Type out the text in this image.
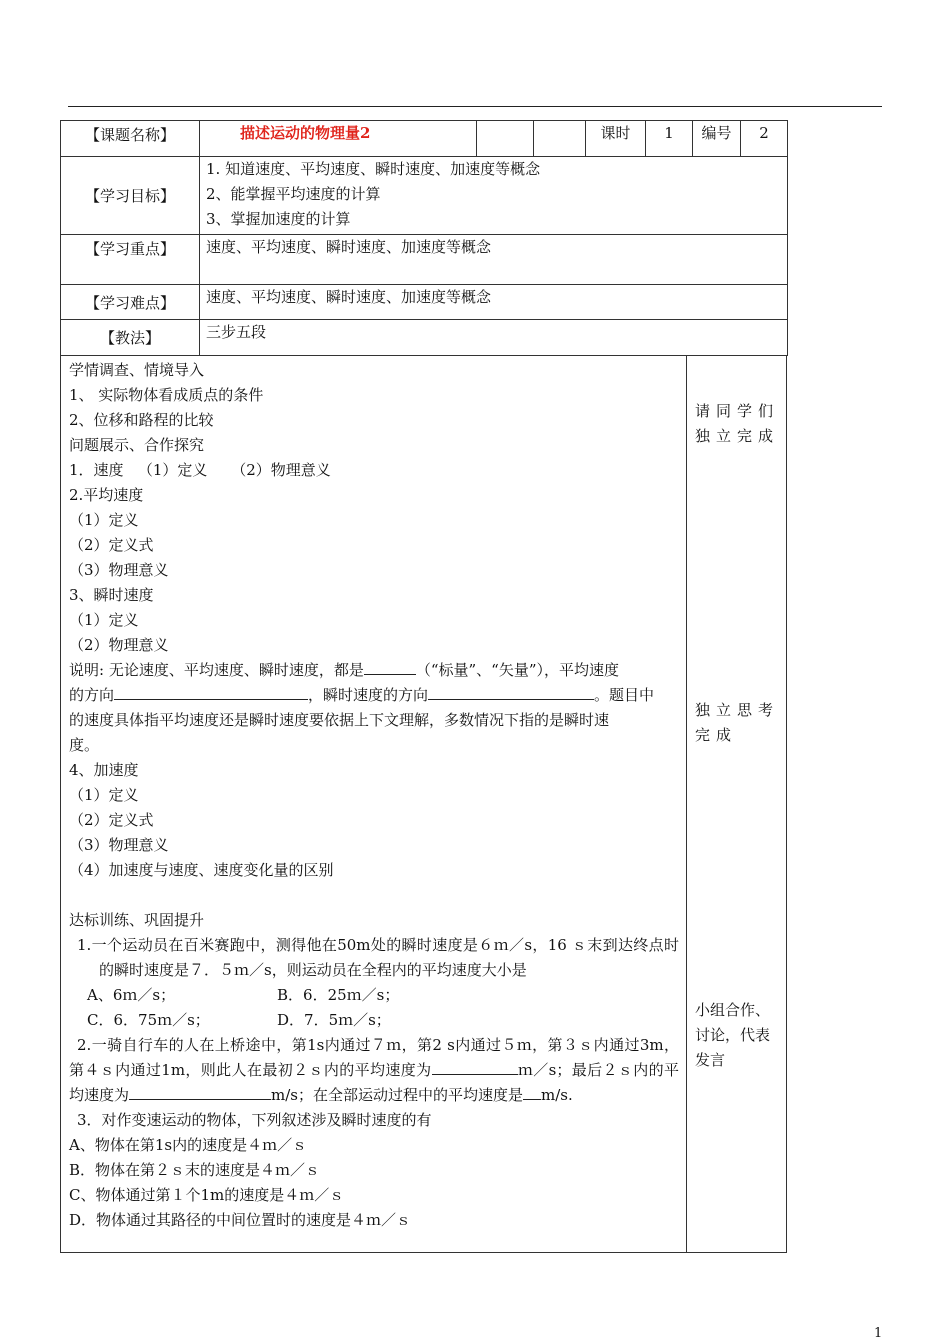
【课题名称】	描述运动的物理量2			课时	1	编号	2
【学习目标】	1. 知道速度、平均速度、瞬时速度、加速度等概念
2、能掌握平均速度的计算
3、掌握加速度的计算						

【学习重点】	速度、平均速度、瞬时速度、加速度等概念						
【学习难点】	速度、平均速度、瞬时速度、加速度等概念						
【教法】	三步五段						

学情调查、情境导入

1、 实际物体看成质点的条件

2、位移和路程的比较

问题展示、合作探究

1．速度   （1）定义     （2）物理意义

2.平均速度

（1）定义

（2）定义式

（3）物理意义

3、瞬时速度

（1）定义

（2）物理意义

说明: 无论速度、平均速度、瞬时速度，都是	（“标量”、“矢量”），平均速度

的方向	，瞬时速度的方向	。题目中

的速度具体指平均速度还是瞬时速度要依据上下文理解，多数情况下指的是瞬时速

度。

4、加速度

（1）定义

（2）定义式

（3）物理意义

（4）加速度与速度、速度变化量的区别

达标训练、巩固提升

1.一个运动员在百米赛跑中，测得他在50m处的瞬时速度是６ｍ／s，16 ｓ末到达终点时的瞬时速度是７．５ｍ／s，则运动员在全程内的平均速度大小是

A、6ｍ／s；	B．6．25ｍ／s；

C．6．75ｍ／s；	D．7．5ｍ／s；

2.一骑自行车的人在上桥途中，第1s内通过７ｍ，第2 s内通过５ｍ，第３ｓ内通过3m，第４ｓ内通过1m，则此人在最初２ｓ内的平均速度为	ｍ／s；最后２ｓ内的平均速度为	m/s；在全部运动过程中的平均速度是 m/s.

3．对作变速运动的物体，下列叙述涉及瞬时速度的有

A、物体在第1s内的速度是４ｍ／ｓ

B．物体在第２ｓ末的速度是４ｍ／ｓ

C、物体通过第１个1m的速度是４ｍ／ｓ

D．物体通过其路径的中间位置时的速度是４ｍ／ｓ

请同学们独立完成
独立思考完成
小组合作、讨论，代表发言
1
